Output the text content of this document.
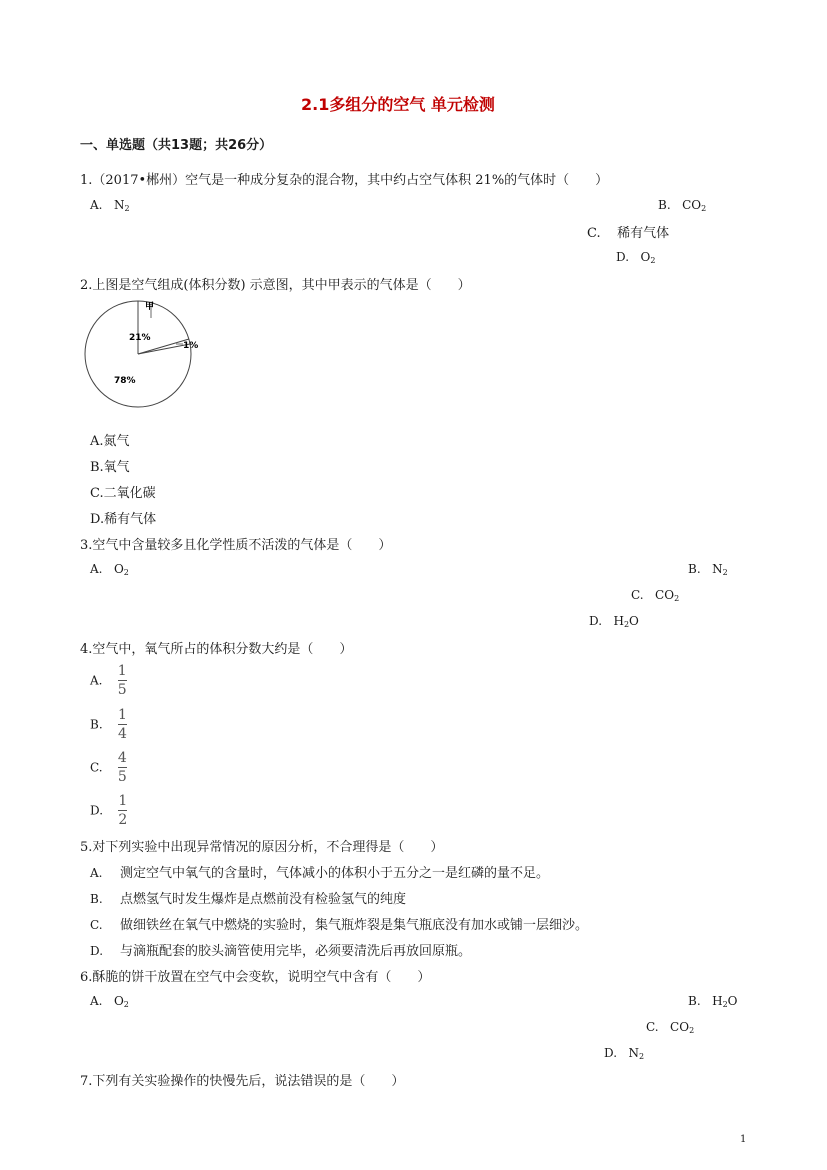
2.1多组分的空气 单元检测
一、单选题（共13题；共26分）
1.（2017•郴州）空气是一种成分复杂的混合物，其中约占空气体积 21%的气体时（　　）
A. $N_2$	B. $CO_2$
C. 稀有气体
D. $O_2$
2.上图是空气组成(体积分数) 示意图，其中甲表示的气体是（　　）
甲
21%
1%
78%
A.氮气
B.氧气
C.二氧化碳
D.稀有气体
3.空气中含量较多且化学性质不活泼的气体是（　　）
A. $O_2$	B. $N_2$
C. $CO_2$
D. $H_2O$
4.空气中，氧气所占的体积分数大约是（　　）
A. $\frac{1}{5}$
B. $\frac{1}{4}$
C. $\frac{4}{5}$
D. $\frac{1}{2}$
5.对下列实验中出现异常情况的原因分析，不合理得是（　　）
A. 测定空气中氧气的含量时，气体减小的体积小于五分之一是红磷的量不足。
B. 点燃氢气时发生爆炸是点燃前没有检验氢气的纯度
C. 做细铁丝在氧气中燃烧的实验时，集气瓶炸裂是集气瓶底没有加水或铺一层细沙。
D. 与滴瓶配套的胶头滴管使用完毕，必须要清洗后再放回原瓶。
6.酥脆的饼干放置在空气中会变软，说明空气中含有（　　）
A. $O_2$	B. $H_2O$
C. $CO_2$
D. $N_2$
7.下列有关实验操作的快慢先后，说法错误的是（　　）
1
